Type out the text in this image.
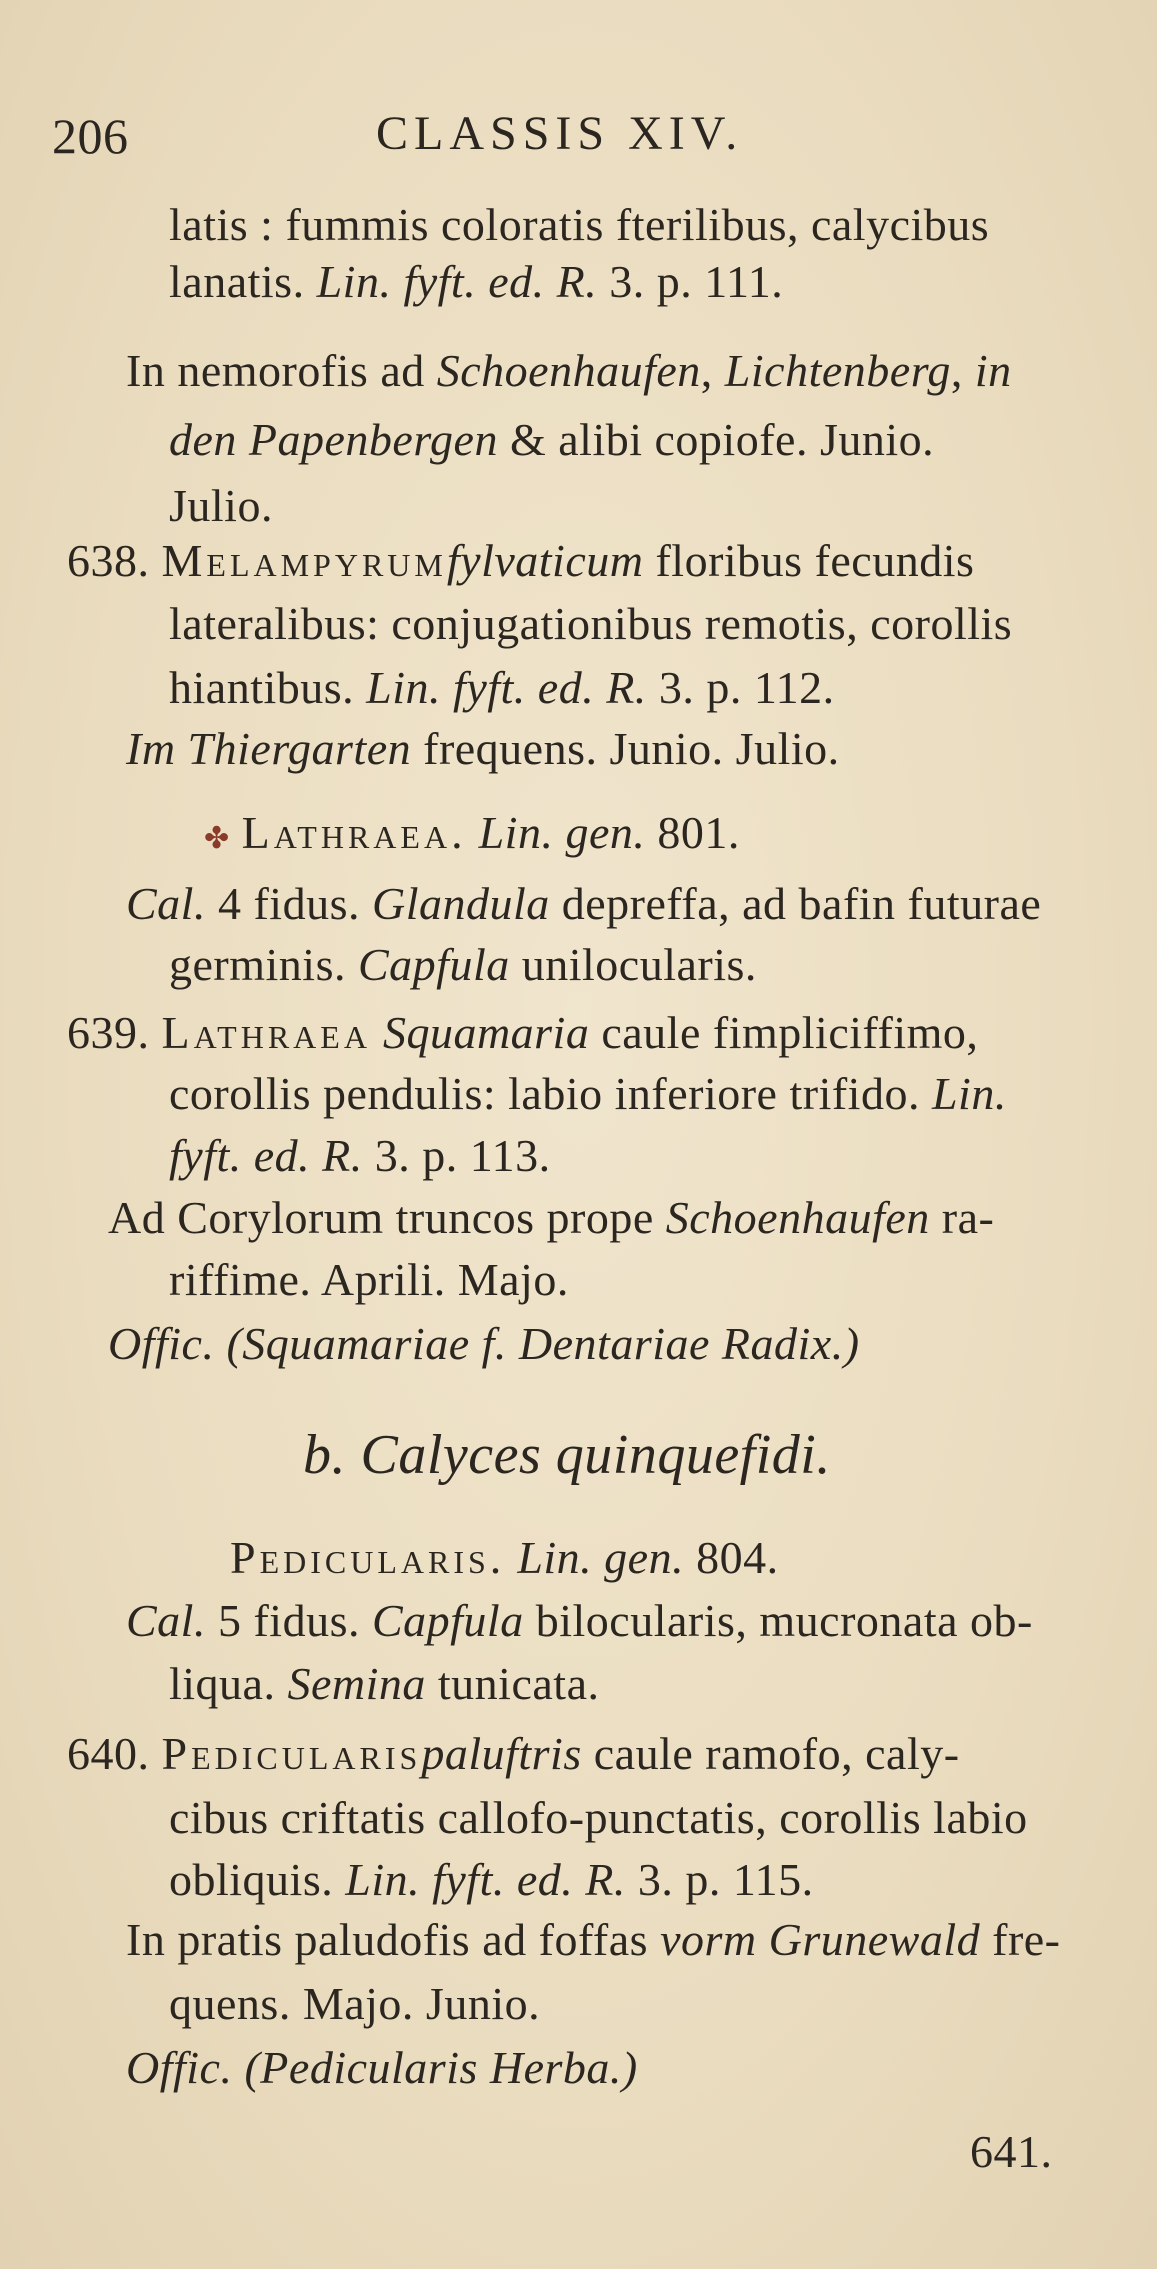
206	CLASSIS XIV.
latis : fummis coloratis fterilibus, calycibus
lanatis. Lin. fyft. ed. R. 3. p. 111.
In nemorofis ad Schoenhaufen, Lichtenberg, in
den Papenbergen & alibi copiofe. Junio.
Julio.
638. Melampyrumfylvaticum floribus fecundis
lateralibus: conjugationibus remotis, corollis
hiantibus. Lin. fyft. ed. R. 3. p. 112.
Im Thiergarten frequens. Junio. Julio.
✤ Lathraea. Lin. gen. 801.
Cal. 4 fidus. Glandula depreffa, ad bafin futurae
germinis. Capfula unilocularis.
639. Lathraea Squamaria caule fimpliciffimo,
corollis pendulis: labio inferiore trifido. Lin.
fyft. ed. R. 3. p. 113.
Ad Corylorum truncos prope Schoenhaufen ra-
riffime. Aprili. Majo.
Offic. (Squamariae f. Dentariae Radix.)
b. Calyces quinquefidi.
Pedicularis. Lin. gen. 804.
Cal. 5 fidus. Capfula bilocularis, mucronata ob-
liqua. Semina tunicata.
640. Pedicularispaluftris caule ramofo, caly-
cibus criftatis callofo-punctatis, corollis labio
obliquis. Lin. fyft. ed. R. 3. p. 115.
In pratis paludofis ad foffas vorm Grunewald fre-
quens. Majo. Junio.
Offic. (Pedicularis Herba.)
641.
